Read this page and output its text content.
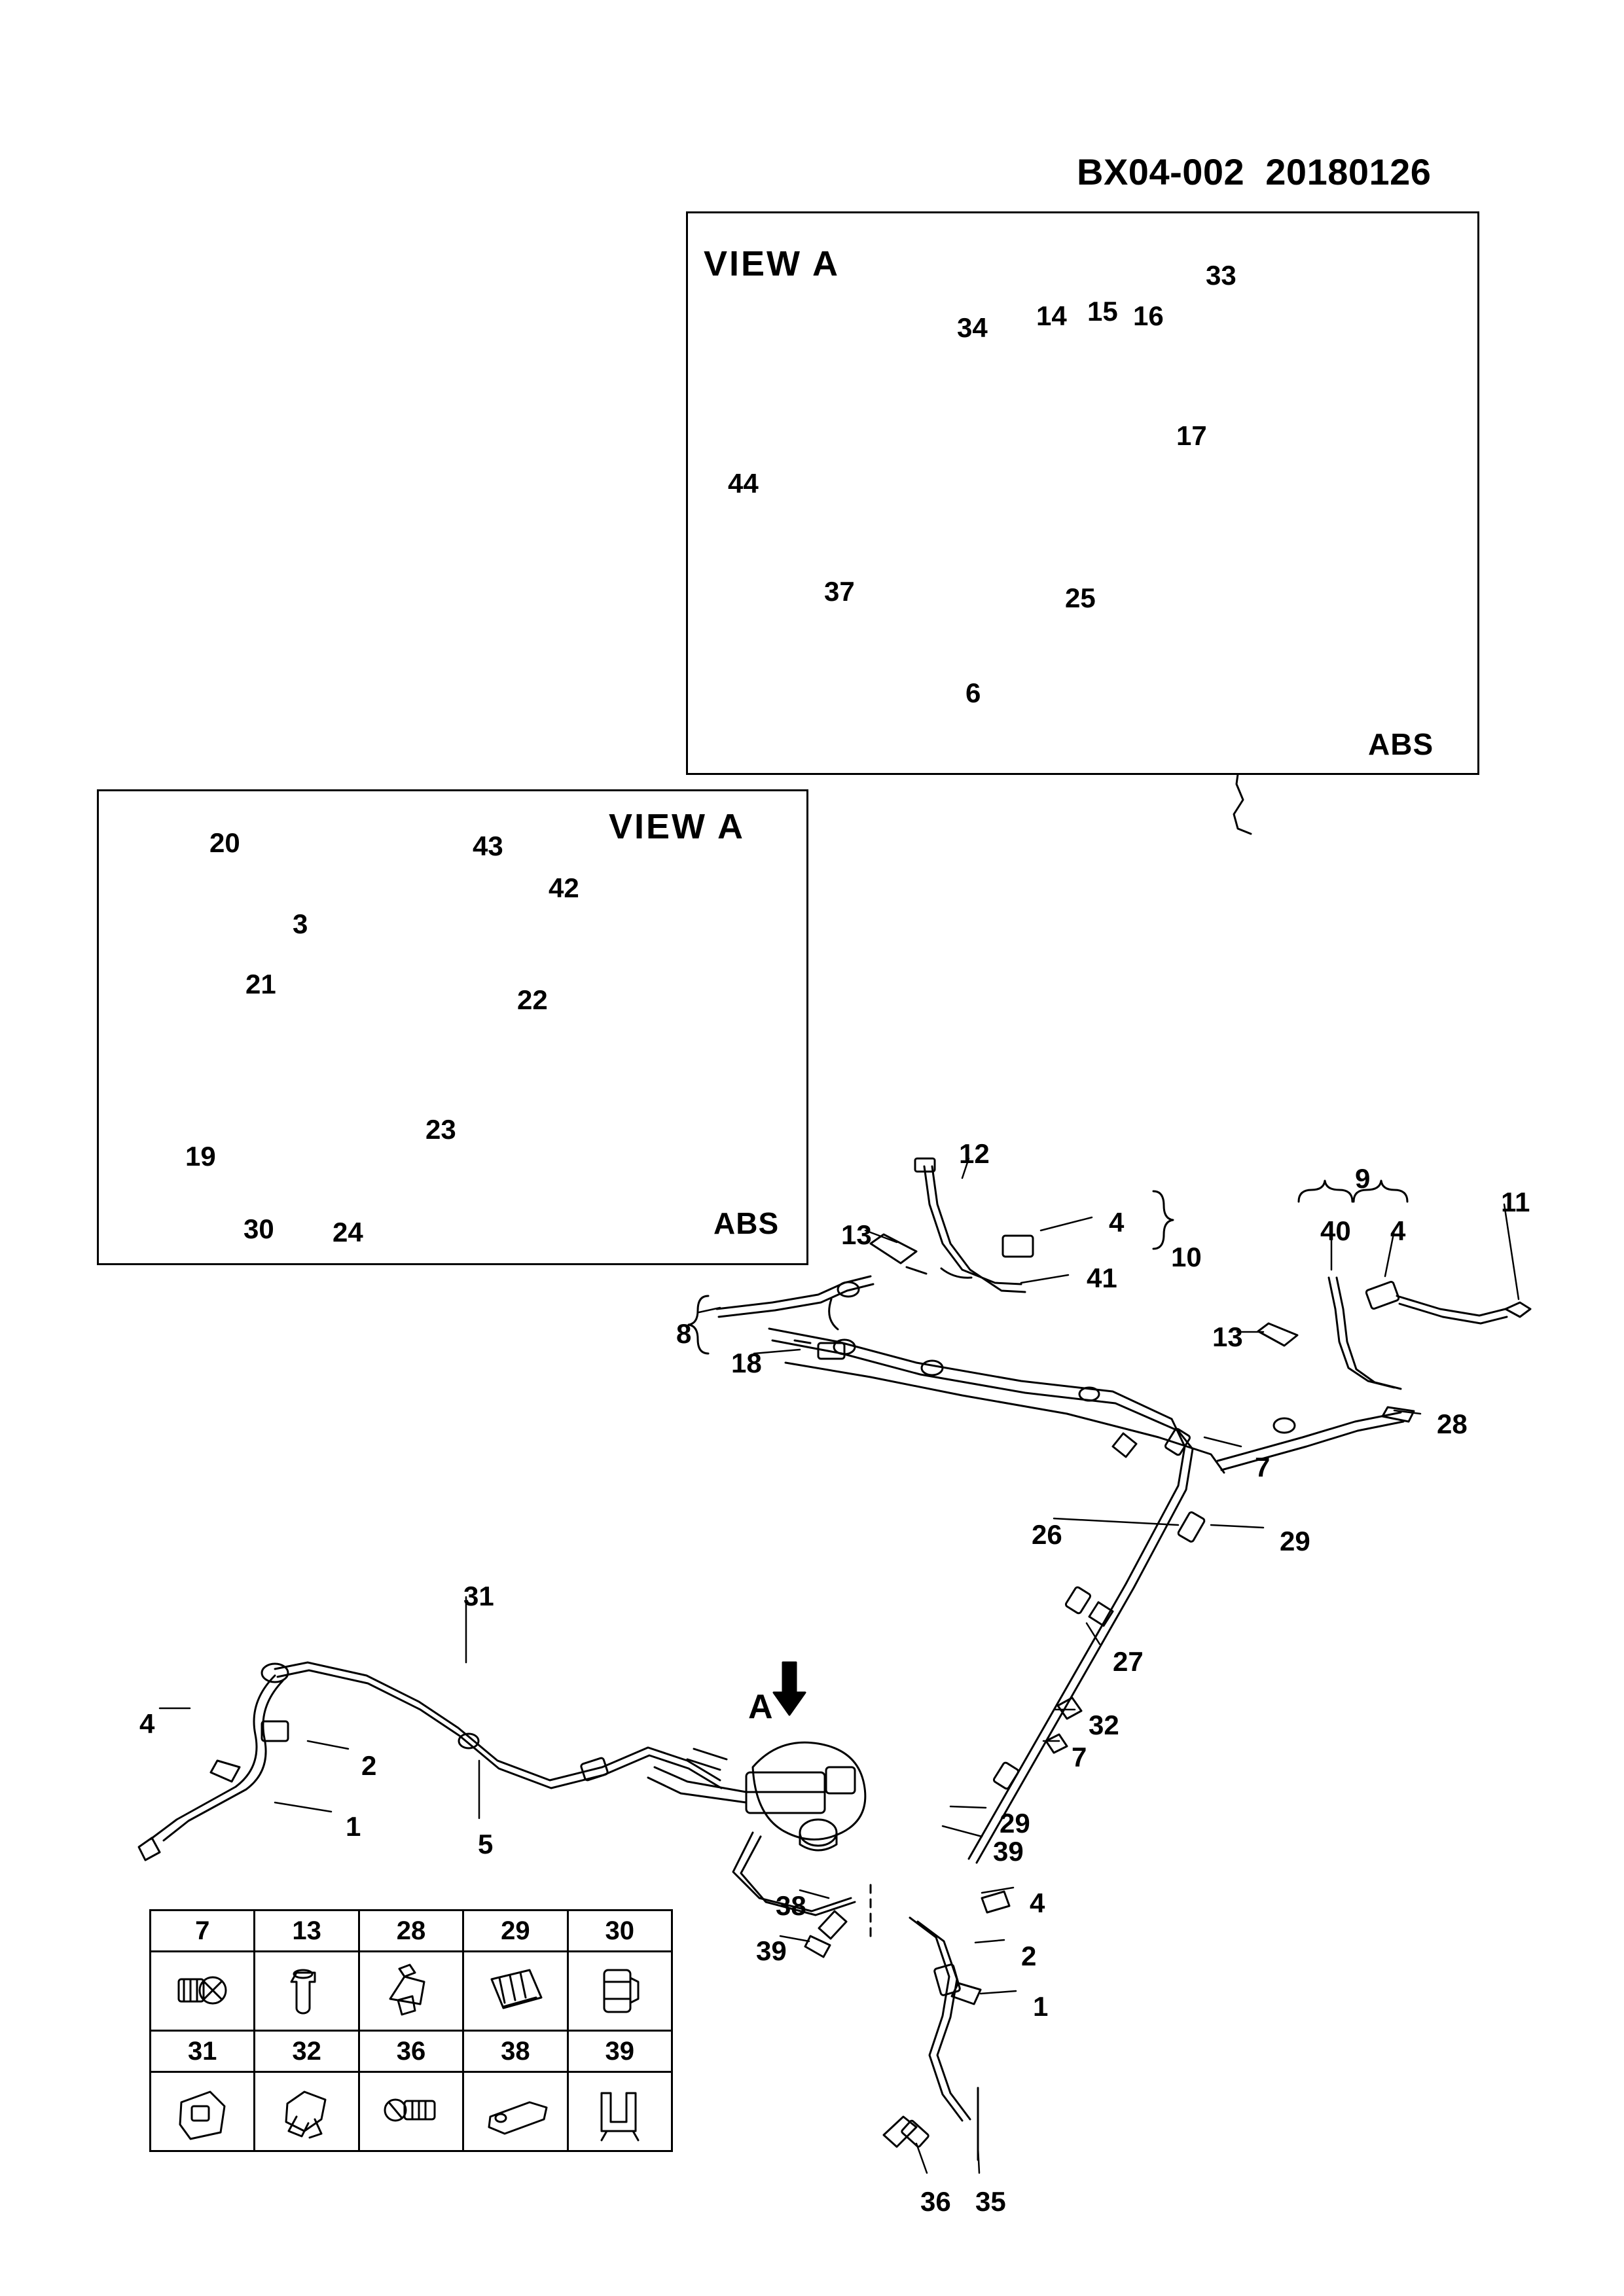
BX04-002  20180126
VIEW A
ABS
VIEW A
ABS
A
34 14 15 16
33
17
44
25
37
6
20	43
42
3
21
22
23
19
30 24
12
13	4
10
41
8
18
9
40 4
11
13
28
7
26	29
27
32
7
29
39
31
4
2
1
5
38
39
4
2
1
36 35
7	13	28	29	30

31	32	36	38	39
